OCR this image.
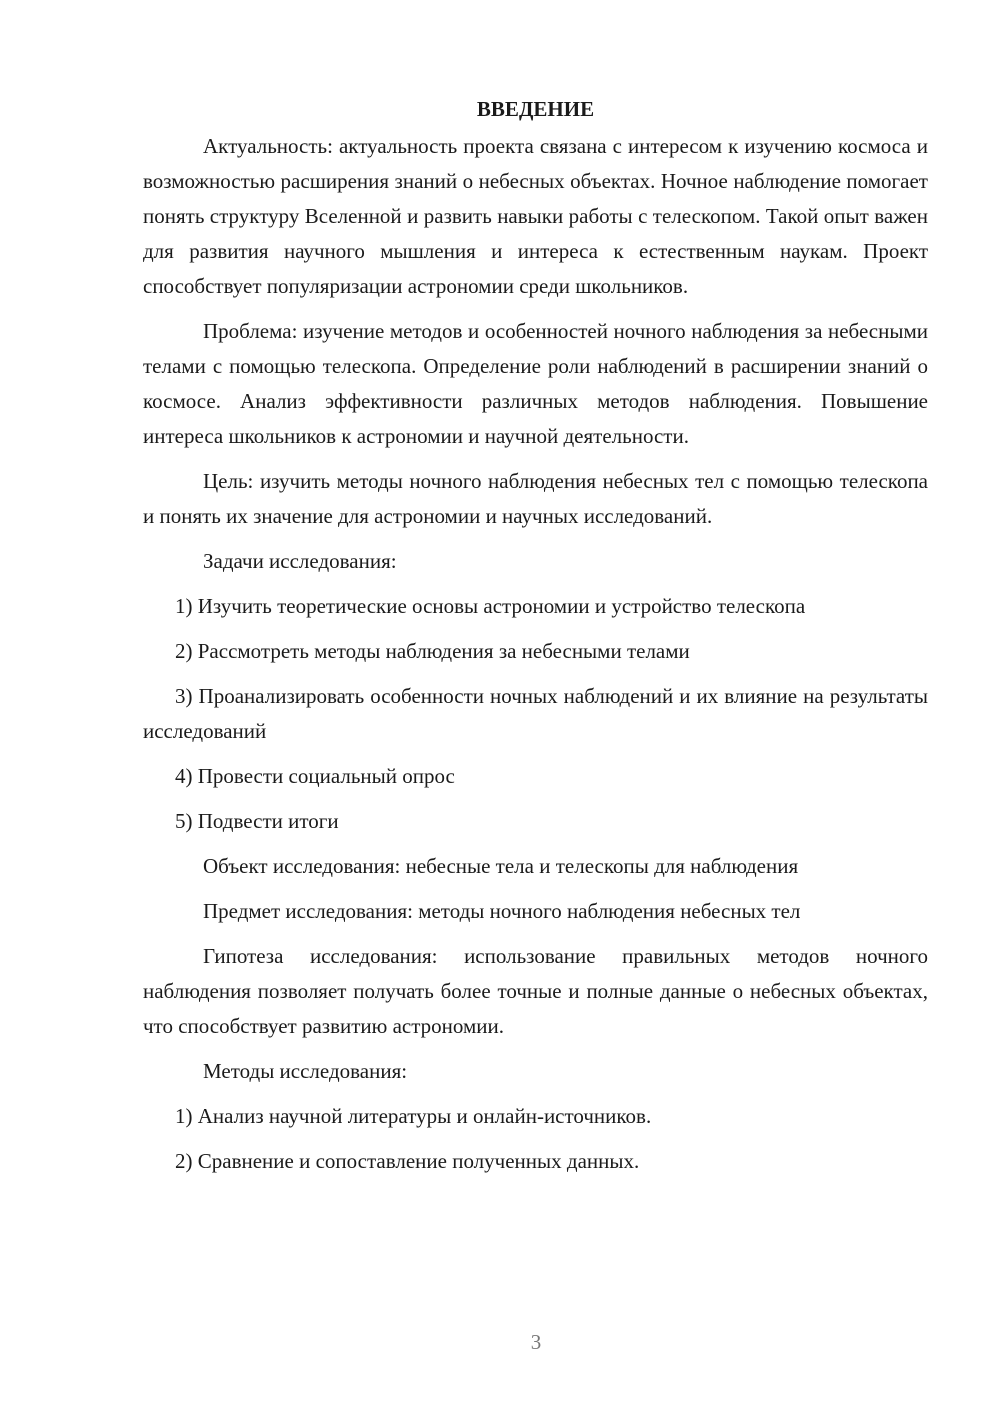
ВВЕДЕНИЕ

Актуальность: актуальность проекта связана с интересом к изучению космоса и возможностью расширения знаний о небесных объектах. Ночное наблюдение помогает понять структуру Вселенной и развить навыки работы с телескопом. Такой опыт важен для развития научного мышления и интереса к естественным наукам. Проект способствует популяризации астрономии среди школьников.

Проблема: изучение методов и особенностей ночного наблюдения за небесными телами с помощью телескопа. Определение роли наблюдений в расширении знаний о космосе. Анализ эффективности различных методов наблюдения. Повышение интереса школьников к астрономии и научной деятельности.

Цель: изучить методы ночного наблюдения небесных тел с помощью телескопа и понять их значение для астрономии и научных исследований.

Задачи исследования:

1) Изучить теоретические основы астрономии и устройство телескопа

2) Рассмотреть методы наблюдения за небесными телами

3) Проанализировать особенности ночных наблюдений и их влияние на результаты исследований

4) Провести социальный опрос

5) Подвести итоги

Объект исследования: небесные тела и телескопы для наблюдения

Предмет исследования: методы ночного наблюдения небесных тел

Гипотеза исследования: использование правильных методов ночного наблюдения позволяет получать более точные и полные данные о небесных объектах, что способствует развитию астрономии.

Методы исследования:

1) Анализ научной литературы и онлайн-источников.

2) Сравнение и сопоставление полученных данных.

3
